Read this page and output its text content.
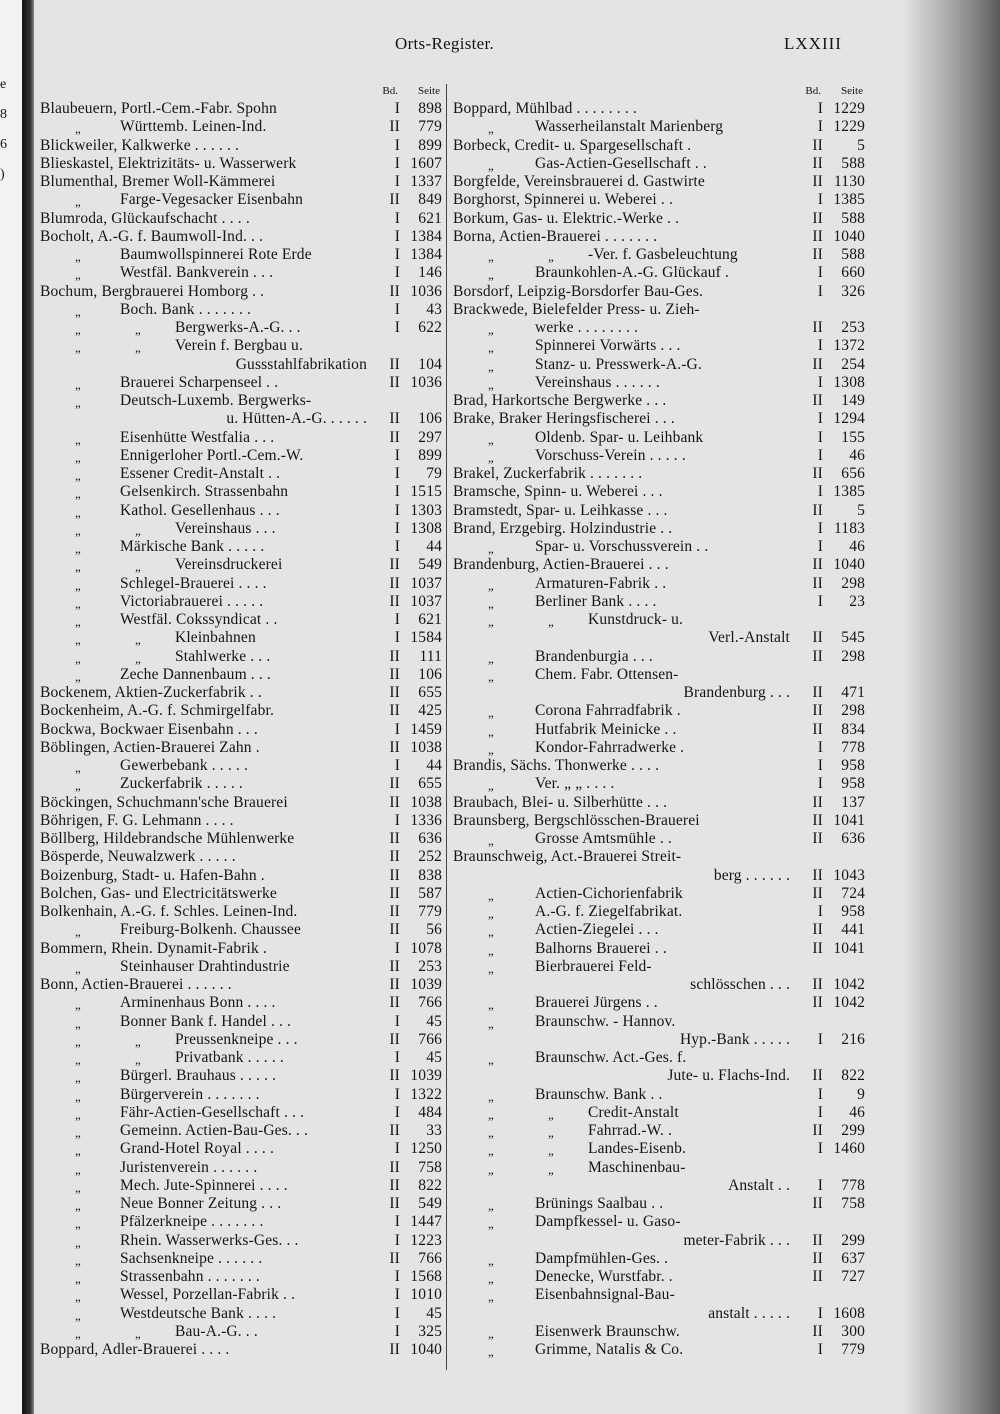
e
8
6
)
Orts-Register.	LXXIII
Bd. Seite
Blaubeuern, Portl.-Cem.-Fabr. Spohn	I	898
„	Württemb. Leinen-Ind.	II	779
Blickweiler, Kalkwerke . . . . . .	I	899
Blieskastel, Elektrizitäts- u. Wasserwerk	I 1607
Blumenthal, Bremer Woll-Kämmerei	I 1337
„	Farge-Vegesacker Eisenbahn	II	849
Blumroda, Glückaufschacht . . . .	I	621
Bocholt, A.-G. f. Baumwoll-Ind. . .	I 1384
„	Baumwollspinnerei Rote Erde	I 1384
„	Westfäl. Bankverein . . .	I	146
Bochum, Bergbrauerei Homborg . .	II 1036
„	Boch. Bank . . . . . . .	I	43
„	„ Bergwerks-A.-G. . .	I	622
„	„ Verein f. Bergbau u.
Gussstahlfabrikation	II	104
„	Brauerei Scharpenseel . .	II 1036
„	Deutsch-Luxemb. Bergwerks-
u. Hütten-A.-G. . . . . .	II	106
„	Eisenhütte Westfalia . . .	II	297
„	Ennigerloher Portl.-Cem.-W.	I	899
„	Essener Credit-Anstalt . .	I	79
„	Gelsenkirch. Strassenbahn	I 1515
„	Kathol. Gesellenhaus . . .	I 1303
„	„ Vereinshaus . . .	I 1308
„	Märkische Bank . . . . .	I	44
„	„ Vereinsdruckerei	II	549
„	Schlegel-Brauerei . . . .	II 1037
„	Victoriabrauerei . . . . .	II 1037
„	Westfäl. Cokssyndicat . .	I	621
„	„ Kleinbahnen	I 1584
„	„ Stahlwerke . . .	II	111
„	Zeche Dannenbaum . . .	II	106
Bockenem, Aktien-Zuckerfabrik . .	II	655
Bockenheim, A.-G. f. Schmirgelfabr.	II	425
Bockwa, Bockwaer Eisenbahn . . .	I 1459
Böblingen, Actien-Brauerei Zahn .	II 1038
„	Gewerbebank . . . . .	I	44
„	Zuckerfabrik . . . . .	II	655
Böckingen, Schuchmann'sche Brauerei	II 1038
Böhrigen, F. G. Lehmann . . . .	I 1336
Böllberg, Hildebrandsche Mühlenwerke	II	636
Bösperde, Neuwalzwerk . . . . .	II	252
Boizenburg, Stadt- u. Hafen-Bahn .	II	838
Bolchen, Gas- und Electricitätswerke	II	587
Bolkenhain, A.-G. f. Schles. Leinen-Ind.	II	779
„	Freiburg-Bolkenh. Chaussee	II	56
Bommern, Rhein. Dynamit-Fabrik .	I 1078
„	Steinhauser Drahtindustrie	II	253
Bonn, Actien-Brauerei . . . . . .	II 1039
„	Arminenhaus Bonn . . . .	II	766
„	Bonner Bank f. Handel . . .	I	45
„	„ Preussenkneipe . . .	II	766
„	„ Privatbank . . . . .	I	45
„	Bürgerl. Brauhaus . . . . .	II 1039
„	Bürgerverein . . . . . . .	I 1322
„	Fähr-Actien-Gesellschaft . . .	I	484
„	Gemeinn. Actien-Bau-Ges. . .	II	33
„	Grand-Hotel Royal . . . .	I 1250
„	Juristenverein . . . . . .	II	758
„	Mech. Jute-Spinnerei . . . .	II	822
„	Neue Bonner Zeitung . . .	II	549
„	Pfälzerkneipe . . . . . . .	I 1447
„	Rhein. Wasserwerks-Ges. . .	I 1223
„	Sachsenkneipe . . . . . .	II	766
„	Strassenbahn . . . . . . .	I 1568
„	Wessel, Porzellan-Fabrik . .	I 1010
„	Westdeutsche Bank . . . .	I	45
„	„ Bau-A.-G. . .	I	325
Boppard, Adler-Brauerei . . . .	II 1040
Bd. Seite
Boppard, Mühlbad . . . . . . . .	I 1229
„	Wasserheilanstalt Marienberg	I 1229
Borbeck, Credit- u. Spargesellschaft .	II	5
„	Gas-Actien-Gesellschaft . .	II	588
Borgfelde, Vereinsbrauerei d. Gastwirte	II 1130
Borghorst, Spinnerei u. Weberei . .	I 1385
Borkum, Gas- u. Elektric.-Werke . .	II	588
Borna, Actien-Brauerei . . . . . . .	II 1040
„	„ -Ver. f. Gasbeleuchtung	II	588
„	Braunkohlen-A.-G. Glückauf .	I	660
Borsdorf, Leipzig-Borsdorfer Bau-Ges.	I	326
Brackwede, Bielefelder Press- u. Zieh-
„	werke . . . . . . . .	II	253
„	Spinnerei Vorwärts . . .	I 1372
„	Stanz- u. Presswerk-A.-G.	II	254
„	Vereinshaus . . . . . .	I 1308
Brad, Harkortsche Bergwerke . . .	II	149
Brake, Braker Heringsfischerei . . .	I 1294
„	Oldenb. Spar- u. Leihbank	I	155
„	Vorschuss-Verein . . . . .	I	46
Brakel, Zuckerfabrik . . . . . . .	II	656
Bramsche, Spinn- u. Weberei . . .	I 1385
Bramstedt, Spar- u. Leihkasse . . .	II	5
Brand, Erzgebirg. Holzindustrie . .	I 1183
„	Spar- u. Vorschussverein . .	I	46
Brandenburg, Actien-Brauerei . . .	II 1040
„	Armaturen-Fabrik . .	II	298
„	Berliner Bank . . . .	I	23
„	„ Kunstdruck- u.
Verl.-Anstalt	II	545
„	Brandenburgia . . .	II	298
„	Chem. Fabr. Ottensen-
Brandenburg . . .	II	471
„	Corona Fahrradfabrik .	II	298
„	Hutfabrik Meinicke . .	II	834
„	Kondor-Fahrradwerke .	I	778
Brandis, Sächs. Thonwerke . . . .	I	958
„	Ver. „ „ . . . .	I	958
Braubach, Blei- u. Silberhütte . . .	II	137
Braunsberg, Bergschlösschen-Brauerei	II 1041
„	Grosse Amtsmühle . .	II	636
Braunschweig, Act.-Brauerei Streit-
berg . . . . . .	II 1043
„	Actien-Cichorienfabrik	II	724
„	A.-G. f. Ziegelfabrikat.	I	958
„	Actien-Ziegelei . . .	II	441
„	Balhorns Brauerei . .	II 1041
„	Bierbrauerei Feld-
schlösschen . . .	II 1042
„	Brauerei Jürgens . .	II 1042
„	Braunschw. - Hannov.
Hyp.-Bank . . . . .	I	216
„	Braunschw. Act.-Ges. f.
Jute- u. Flachs-Ind.	II	822
„	Braunschw. Bank . .	I	9
„	„ Credit-Anstalt	I	46
„	„ Fahrrad.-W. .	II	299
„	„ Landes-Eisenb.	I 1460
„	„ Maschinenbau-
Anstalt . .	I	778
„	Brünings Saalbau . .	II	758
„	Dampfkessel- u. Gaso-
meter-Fabrik . . .	II	299
„	Dampfmühlen-Ges. .	II	637
„	Denecke, Wurstfabr. .	II	727
„	Eisenbahnsignal-Bau-
anstalt . . . . .	I 1608
„	Eisenwerk Braunschw.	II	300
„	Grimme, Natalis & Co.	I	779
